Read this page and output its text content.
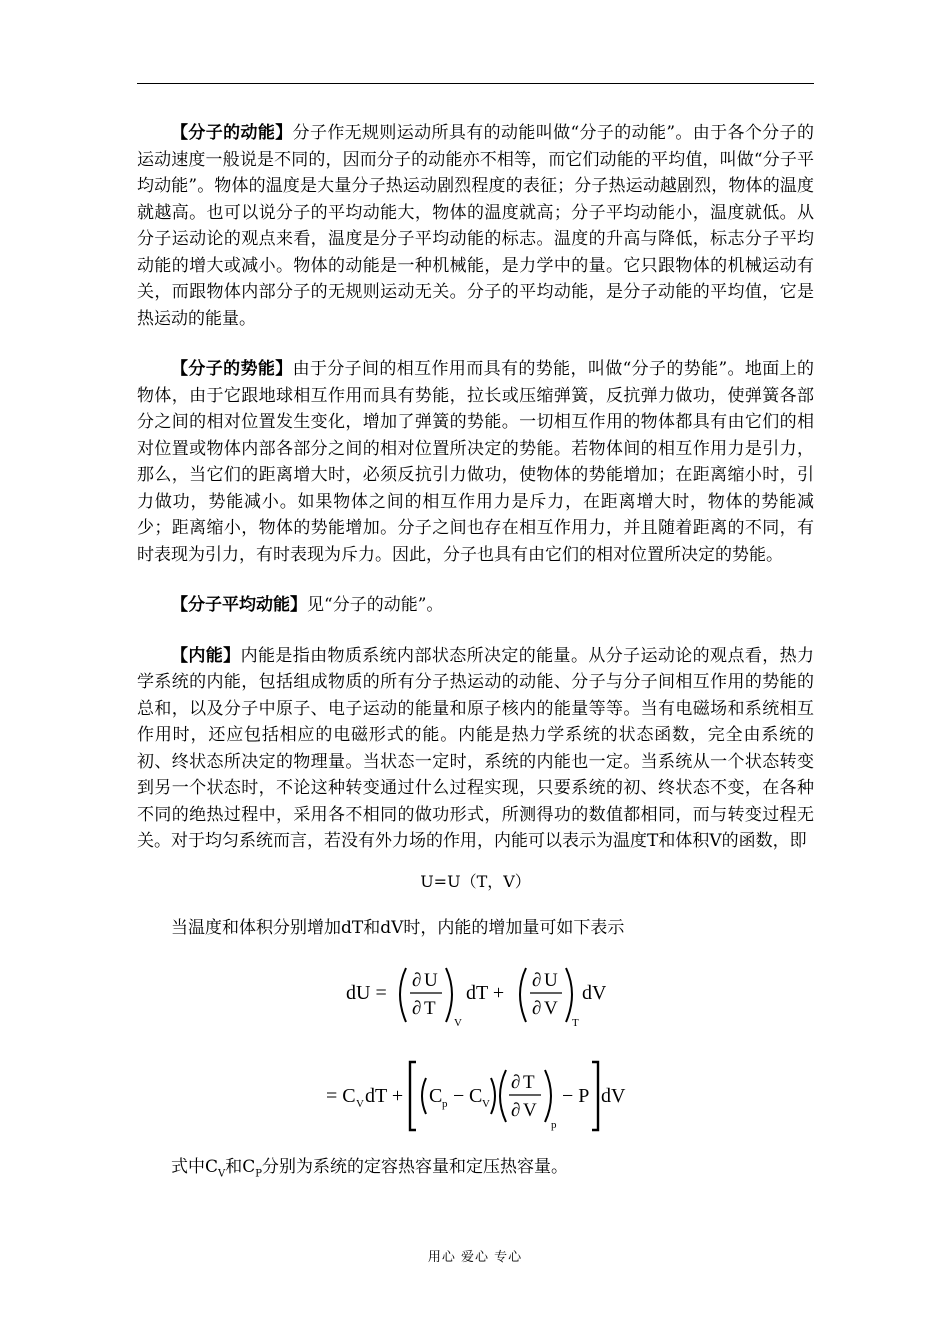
【分子的动能】分子作无规则运动所具有的动能叫做“分子的动能”。由于各个分子的运动速度一般说是不同的，因而分子的动能亦不相等，而它们动能的平均值，叫做“分子平均动能”。物体的温度是大量分子热运动剧烈程度的表征；分子热运动越剧烈，物体的温度就越高。也可以说分子的平均动能大，物体的温度就高；分子平均动能小，温度就低。从分子运动论的观点来看，温度是分子平均动能的标志。温度的升高与降低，标志分子平均动能的增大或减小。物体的动能是一种机械能，是力学中的量。它只跟物体的机械运动有关，而跟物体内部分子的无规则运动无关。分子的平均动能，是分子动能的平均值，它是热运动的能量。

【分子的势能】由于分子间的相互作用而具有的势能，叫做“分子的势能”。地面上的物体，由于它跟地球相互作用而具有势能，拉长或压缩弹簧，反抗弹力做功，使弹簧各部分之间的相对位置发生变化，增加了弹簧的势能。一切相互作用的物体都具有由它们的相对位置或物体内部各部分之间的相对位置所决定的势能。若物体间的相互作用力是引力，那么，当它们的距离增大时，必须反抗引力做功，使物体的势能增加；在距离缩小时，引力做功，势能减小。如果物体之间的相互作用力是斥力，在距离增大时，物体的势能减少；距离缩小，物体的势能增加。分子之间也存在相互作用力，并且随着距离的不同，有时表现为引力，有时表现为斥力。因此，分子也具有由它们的相对位置所决定的势能。

【分子平均动能】见“分子的动能”。

【内能】内能是指由物质系统内部状态所决定的能量。从分子运动论的观点看，热力学系统的内能，包括组成物质的所有分子热运动的动能、分子与分子间相互作用的势能的总和，以及分子中原子、电子运动的能量和原子核内的能量等等。当有电磁场和系统相互作用时，还应包括相应的电磁形式的能。内能是热力学系统的状态函数，完全由系统的初、终状态所决定的物理量。当状态一定时，系统的内能也一定。当系统从一个状态转变到另一个状态时，不论这种转变通过什么过程实现，只要系统的初、终状态不变，在各种不同的绝热过程中，采用各不相同的做功形式，所测得功的数值都相同，而与转变过程无关。对于均匀系统而言，若没有外力场的作用，内能可以表示为温度T和体积V的函数，即

U=U（T，V）

当温度和体积分别增加dT和dV时，内能的增加量可如下表示

dU =
∂ U
∂ T
V
dT +
∂ U
∂ V
T
dV
= C V dT + C p − C V
∂ T
∂ V
p
− P dV

式中$C_V$和$C_P$分别为系统的定容热容量和定压热容量。

用心 爱心 专心
